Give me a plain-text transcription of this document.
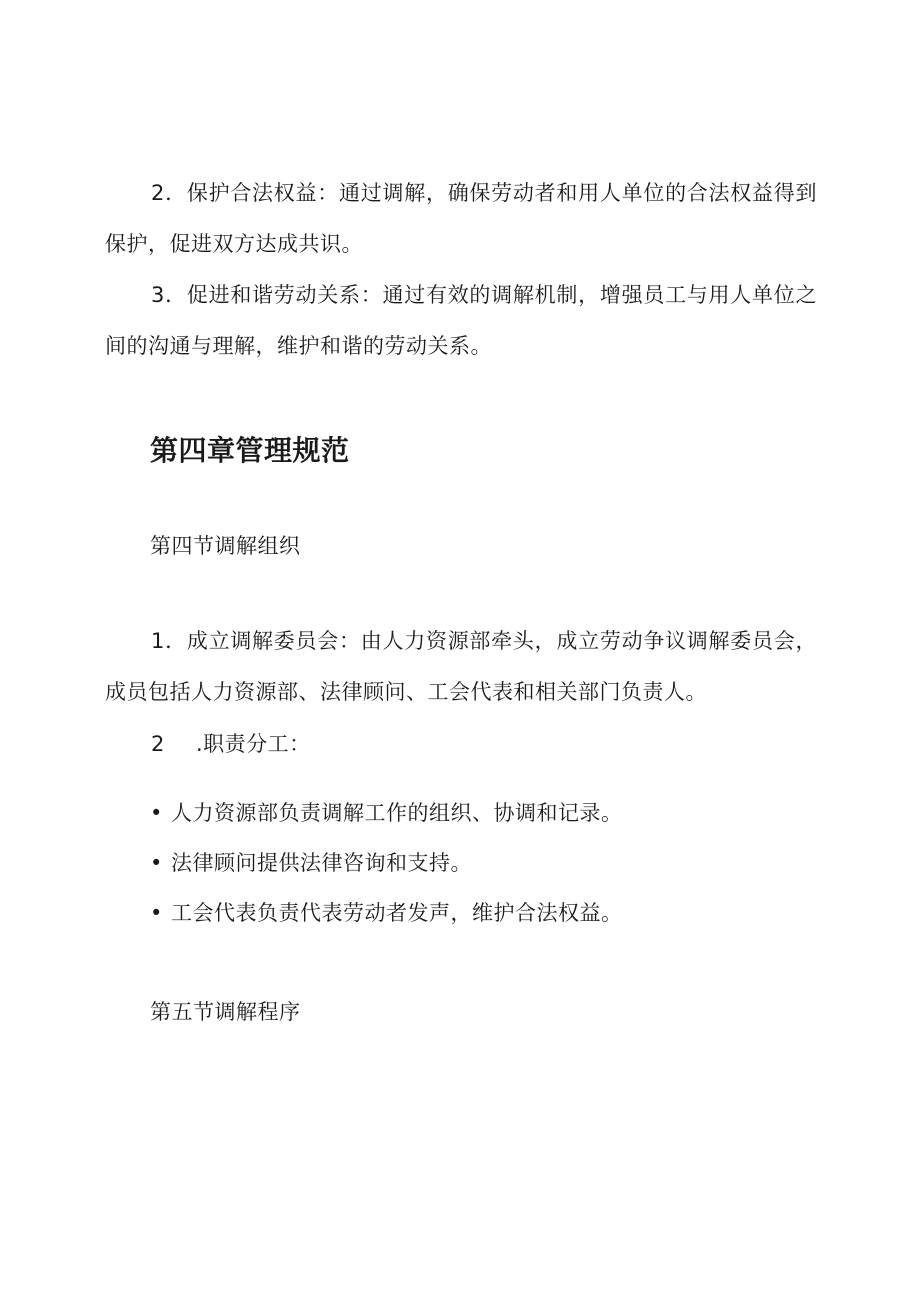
2．保护合法权益：通过调解，确保劳动者和用人单位的合法权益得到保护，促进双方达成共识。

3．促进和谐劳动关系：通过有效的调解机制，增强员工与用人单位之间的沟通与理解，维护和谐的劳动关系。

第四章管理规范
第四节调解组织

1．成立调解委员会：由人力资源部牵头，成立劳动争议调解委员会，成员包括人力资源部、法律顾问、工会代表和相关部门负责人。

2 .职责分工：
• 人力资源部负责调解工作的组织、协调和记录。
• 法律顾问提供法律咨询和支持。
• 工会代表负责代表劳动者发声，维护合法权益。
第五节调解程序
